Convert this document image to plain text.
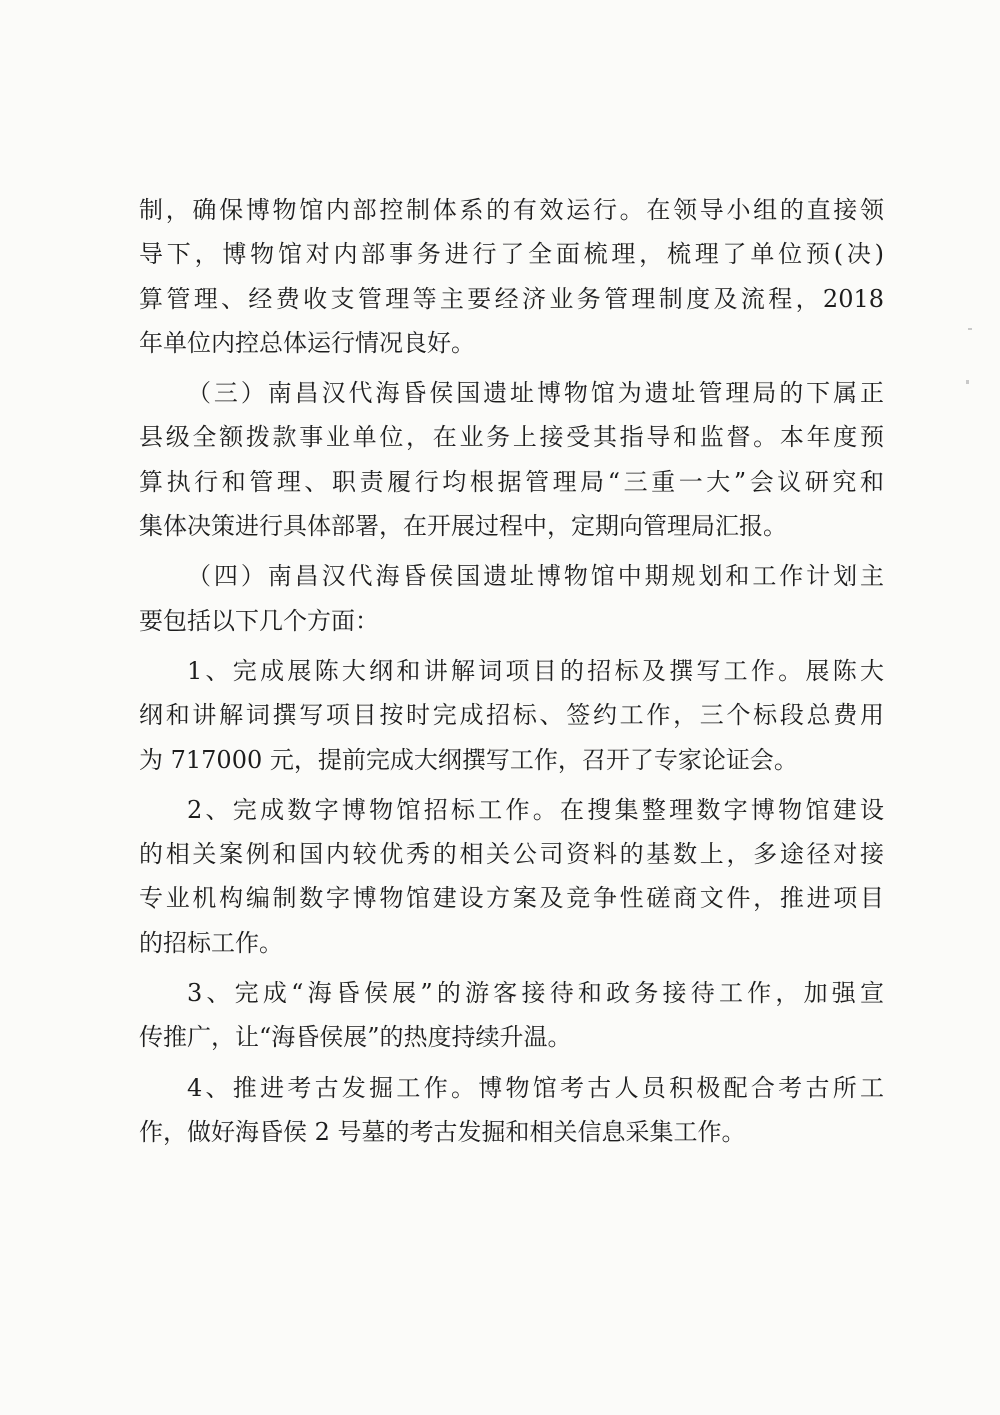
制，确保博物馆内部控制体系的有效运行。在领导小组的直接领
导下，博物馆对内部事务进行了全面梳理，梳理了单位预(决)
算管理、经费收支管理等主要经济业务管理制度及流程，2018
年单位内控总体运行情况良好。
（三）南昌汉代海昏侯国遗址博物馆为遗址管理局的下属正
县级全额拨款事业单位，在业务上接受其指导和监督。本年度预
算执行和管理、职责履行均根据管理局“三重一大”会议研究和
集体决策进行具体部署，在开展过程中，定期向管理局汇报。
（四）南昌汉代海昏侯国遗址博物馆中期规划和工作计划主
要包括以下几个方面：
1、完成展陈大纲和讲解词项目的招标及撰写工作。展陈大
纲和讲解词撰写项目按时完成招标、签约工作，三个标段总费用
为 717000 元，提前完成大纲撰写工作，召开了专家论证会。
2、完成数字博物馆招标工作。在搜集整理数字博物馆建设
的相关案例和国内较优秀的相关公司资料的基数上，多途径对接
专业机构编制数字博物馆建设方案及竞争性磋商文件，推进项目
的招标工作。
3、完成“海昏侯展”的游客接待和政务接待工作，加强宣
传推广，让“海昏侯展”的热度持续升温。
4、推进考古发掘工作。博物馆考古人员积极配合考古所工
作，做好海昏侯 2 号墓的考古发掘和相关信息采集工作。
